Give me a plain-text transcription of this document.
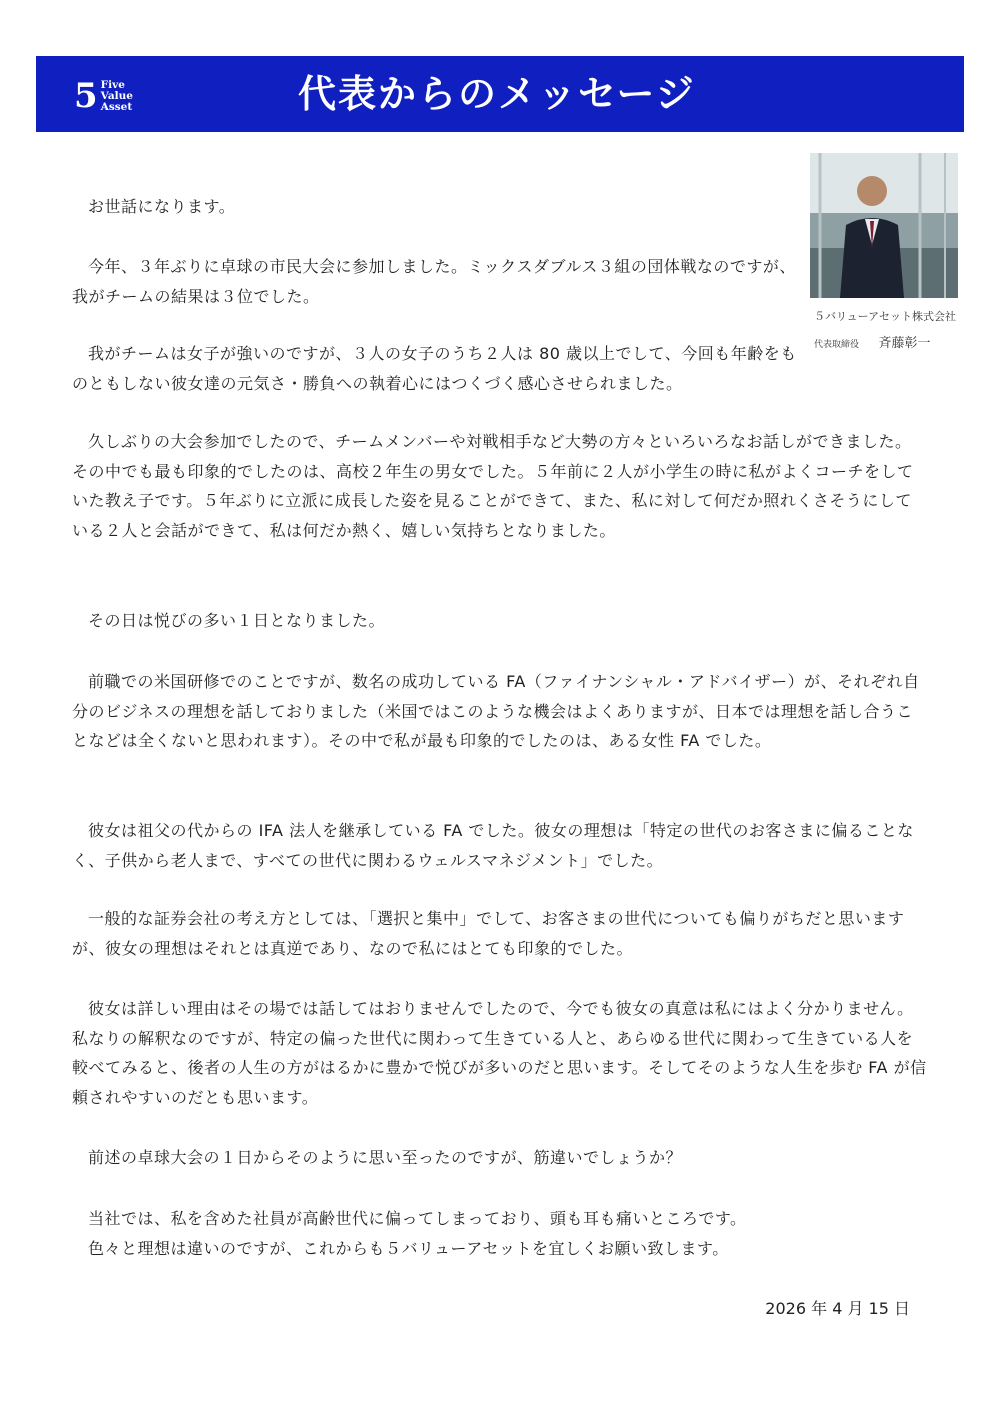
5 Five
Value
Asset	代表からのメッセージ
５バリューアセット株式会社
代表取締役 斉藤彰一

お世話になります。

今年、３年ぶりに卓球の市民大会に参加しました。ミックスダブルス３組の団体戦なのですが、我がチームの結果は３位でした。

我がチームは女子が強いのですが、３人の女子のうち２人は 80 歳以上でして、今回も年齢をものともしない彼女達の元気さ・勝負への執着心にはつくづく感心させられました。

久しぶりの大会参加でしたので、チームメンバーや対戦相手など大勢の方々といろいろなお話しができました。その中でも最も印象的でしたのは、高校２年生の男女でした。５年前に２人が小学生の時に私がよくコーチをしていた教え子です。５年ぶりに立派に成長した姿を見ることができて、また、私に対して何だか照れくさそうにしている２人と会話ができて、私は何だか熱く、嬉しい気持ちとなりました。

その日は悦びの多い１日となりました。

前職での米国研修でのことですが、数名の成功している FA（ファイナンシャル・アドバイザー）が、それぞれ自分のビジネスの理想を話しておりました（米国ではこのような機会はよくありますが、日本では理想を話し合うことなどは全くないと思われます）。その中で私が最も印象的でしたのは、ある女性 FA でした。

彼女は祖父の代からの IFA 法人を継承している FA でした。彼女の理想は「特定の世代のお客さまに偏ることなく、子供から老人まで、すべての世代に関わるウェルスマネジメント」でした。

一般的な証券会社の考え方としては、「選択と集中」でして、お客さまの世代についても偏りがちだと思いますが、彼女の理想はそれとは真逆であり、なので私にはとても印象的でした。

彼女は詳しい理由はその場では話してはおりませんでしたので、今でも彼女の真意は私にはよく分かりません。私なりの解釈なのですが、特定の偏った世代に関わって生きている人と、あらゆる世代に関わって生きている人を較べてみると、後者の人生の方がはるかに豊かで悦びが多いのだと思います。そしてそのような人生を歩む FA が信頼されやすいのだとも思います。

前述の卓球大会の１日からそのように思い至ったのですが、筋違いでしょうか？

当社では、私を含めた社員が高齢世代に偏ってしまっており、頭も耳も痛いところです。

色々と理想は違いのですが、これからも５バリューアセットを宜しくお願い致します。

2026 年 4 月 15 日
